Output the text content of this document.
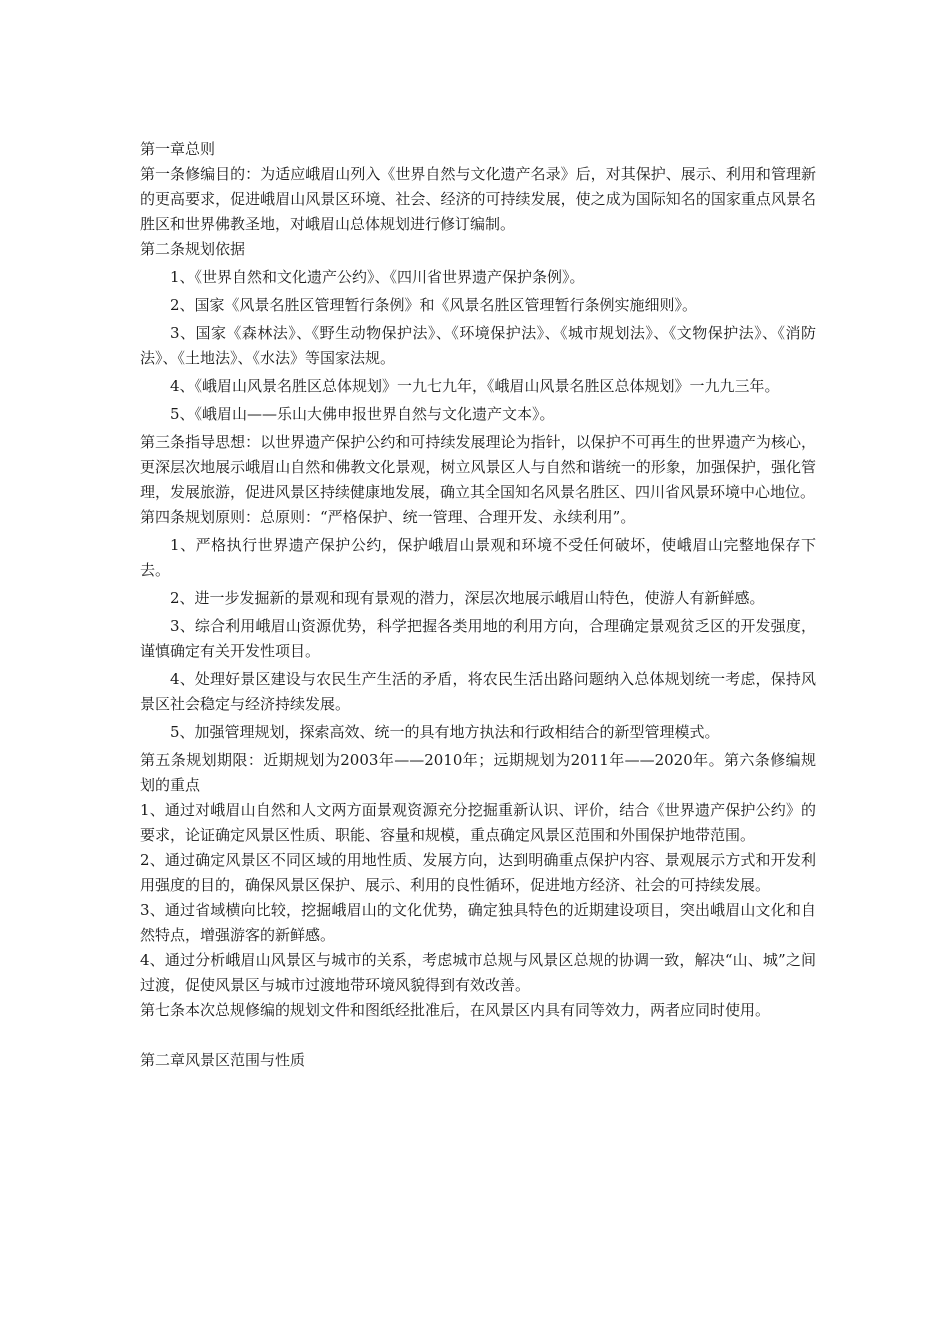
第一章总则

第一条修编目的：为适应峨眉山列入《世界自然与文化遗产名录》后，对其保护、展示、利用和管理新的更高要求，促进峨眉山风景区环境、社会、经济的可持续发展，使之成为国际知名的国家重点风景名胜区和世界佛教圣地，对峨眉山总体规划进行修订编制。

第二条规划依据

1、《世界自然和文化遗产公约》、《四川省世界遗产保护条例》。

2、国家《风景名胜区管理暂行条例》和《风景名胜区管理暂行条例实施细则》。

3、国家《森林法》、《野生动物保护法》、《环境保护法》、《城市规划法》、《文物保护法》、《消防法》、《土地法》、《水法》等国家法规。

4、《峨眉山风景名胜区总体规划》一九七九年，《峨眉山风景名胜区总体规划》一九九三年。

5、《峨眉山——乐山大佛申报世界自然与文化遗产文本》。

第三条指导思想：以世界遗产保护公约和可持续发展理论为指针，以保护不可再生的世界遗产为核心，更深层次地展示峨眉山自然和佛教文化景观，树立风景区人与自然和谐统一的形象，加强保护，强化管理，发展旅游，促进风景区持续健康地发展，确立其全国知名风景名胜区、四川省风景环境中心地位。

第四条规划原则：总原则：“严格保护、统一管理、合理开发、永续利用”。

1、严格执行世界遗产保护公约，保护峨眉山景观和环境不受任何破坏，使峨眉山完整地保存下去。

2、进一步发掘新的景观和现有景观的潜力，深层次地展示峨眉山特色，使游人有新鲜感。

3、综合利用峨眉山资源优势，科学把握各类用地的利用方向，合理确定景观贫乏区的开发强度，谨慎确定有关开发性项目。

4、处理好景区建设与农民生产生活的矛盾，将农民生活出路问题纳入总体规划统一考虑，保持风景区社会稳定与经济持续发展。

5、加强管理规划，探索高效、统一的具有地方执法和行政相结合的新型管理模式。

第五条规划期限：近期规划为2003年——2010年；远期规划为2011年——2020年。第六条修编规划的重点

1、通过对峨眉山自然和人文两方面景观资源充分挖掘重新认识、评价，结合《世界遗产保护公约》的要求，论证确定风景区性质、职能、容量和规模，重点确定风景区范围和外围保护地带范围。

2、通过确定风景区不同区域的用地性质、发展方向，达到明确重点保护内容、景观展示方式和开发利用强度的目的，确保风景区保护、展示、利用的良性循环，促进地方经济、社会的可持续发展。

3、通过省域横向比较，挖掘峨眉山的文化优势，确定独具特色的近期建设项目，突出峨眉山文化和自然特点，增强游客的新鲜感。

4、通过分析峨眉山风景区与城市的关系，考虑城市总规与风景区总规的协调一致，解决“山、城”之间过渡，促使风景区与城市过渡地带环境风貌得到有效改善。

第七条本次总规修编的规划文件和图纸经批准后，在风景区内具有同等效力，两者应同时使用。

第二章风景区范围与性质
